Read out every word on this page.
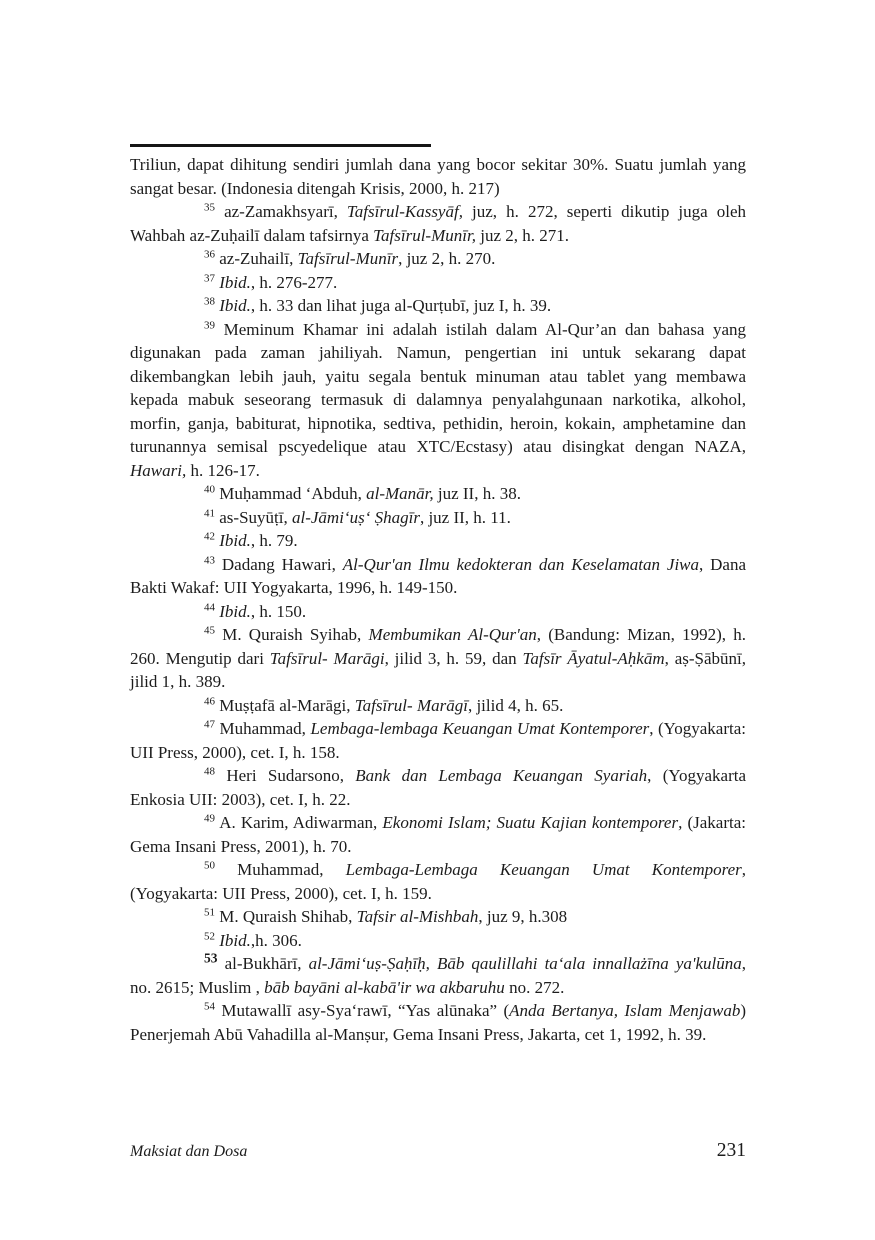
Triliun, dapat dihitung sendiri jumlah dana yang bocor sekitar 30%. Suatu jumlah yang sangat besar. (Indonesia ditengah Krisis, 2000, h. 217)

$^{35}$ az-Zamakhsyarī, Tafsīrul-Kassyāf, juz, h. 272, seperti dikutip juga oleh Wahbah az-Zuḥailī dalam tafsirnya Tafsīrul-Munīr, juz 2, h. 271.

$^{36}$ az-Zuhailī, Tafsīrul-Munīr, juz 2, h. 270.

$^{37}$ Ibid., h. 276-277.

$^{38}$ Ibid., h. 33 dan lihat juga al-Qurṭubī, juz I, h. 39.

$^{39}$ Meminum Khamar ini adalah istilah dalam Al-Qur’an dan bahasa yang digunakan pada zaman jahiliyah. Namun, pengertian ini untuk sekarang dapat dikembangkan lebih jauh, yaitu segala bentuk minuman atau tablet yang membawa kepada mabuk seseorang termasuk di dalamnya penyalahgunaan narkotika, alkohol, morfin, ganja, babiturat, hipnotika, sedtiva, pethidin, heroin, kokain, amphetamine dan turunannya semisal pscyedelique atau XTC/Ecstasy) atau disingkat dengan NAZA, Hawari, h. 126-17.

$^{40}$ Muḥammad ‘Abduh, al-Manār, juz II, h. 38.

$^{41}$ as-Suyūṭī, al-Jāmi‘uṣ‘ Ṣhagīr, juz II, h. 11.

$^{42}$ Ibid., h. 79.

$^{43}$ Dadang Hawari, Al-Qur'an Ilmu kedokteran dan Keselamatan Jiwa, Dana Bakti Wakaf: UII Yogyakarta, 1996, h. 149-150.

$^{44}$ Ibid., h. 150.

$^{45}$ M. Quraish Syihab, Membumikan Al-Qur'an, (Bandung: Mizan, 1992), h. 260. Mengutip dari Tafsīrul- Marāgi, jilid 3, h. 59, dan Tafsīr Āyatul-Aḥkām, aṣ-Ṣābūnī, jilid 1, h. 389.

$^{46}$ Muṣṭafā al-Marāgi, Tafsīrul- Marāgī, jilid 4, h. 65.

$^{47}$ Muhammad, Lembaga-lembaga Keuangan Umat Kontemporer, (Yogyakarta: UII Press, 2000), cet. I, h. 158.

$^{48}$ Heri Sudarsono, Bank dan Lembaga Keuangan Syariah, (Yogyakarta Enkosia UII: 2003), cet. I, h. 22.

$^{49}$ A. Karim, Adiwarman, Ekonomi Islam; Suatu Kajian kontemporer, (Jakarta: Gema Insani Press, 2001), h. 70.

$^{50}$ Muhammad, Lembaga-Lembaga Keuangan Umat Kontemporer, (Yogyakarta: UII Press, 2000), cet. I, h. 159.

$^{51}$ M. Quraish Shihab, Tafsir al-Mishbah, juz 9, h.308

$^{52}$ Ibid.,h. 306.

$^{53}$ al-Bukhārī, al-Jāmi‘uṣ-Ṣaḥīḥ, Bāb qaulillahi ta‘ala innallażīna ya'kulūna, no. 2615; Muslim , bāb bayāni al-kabā'ir wa akbaruhu no. 272.

$^{54}$ Mutawallī asy-Sya‘rawī, “Yas alūnaka” (Anda Bertanya, Islam Menjawab) Penerjemah Abū Vahadilla al-Manṣur, Gema Insani Press, Jakarta, cet 1, 1992, h. 39.

Maksiat dan Dosa	231
